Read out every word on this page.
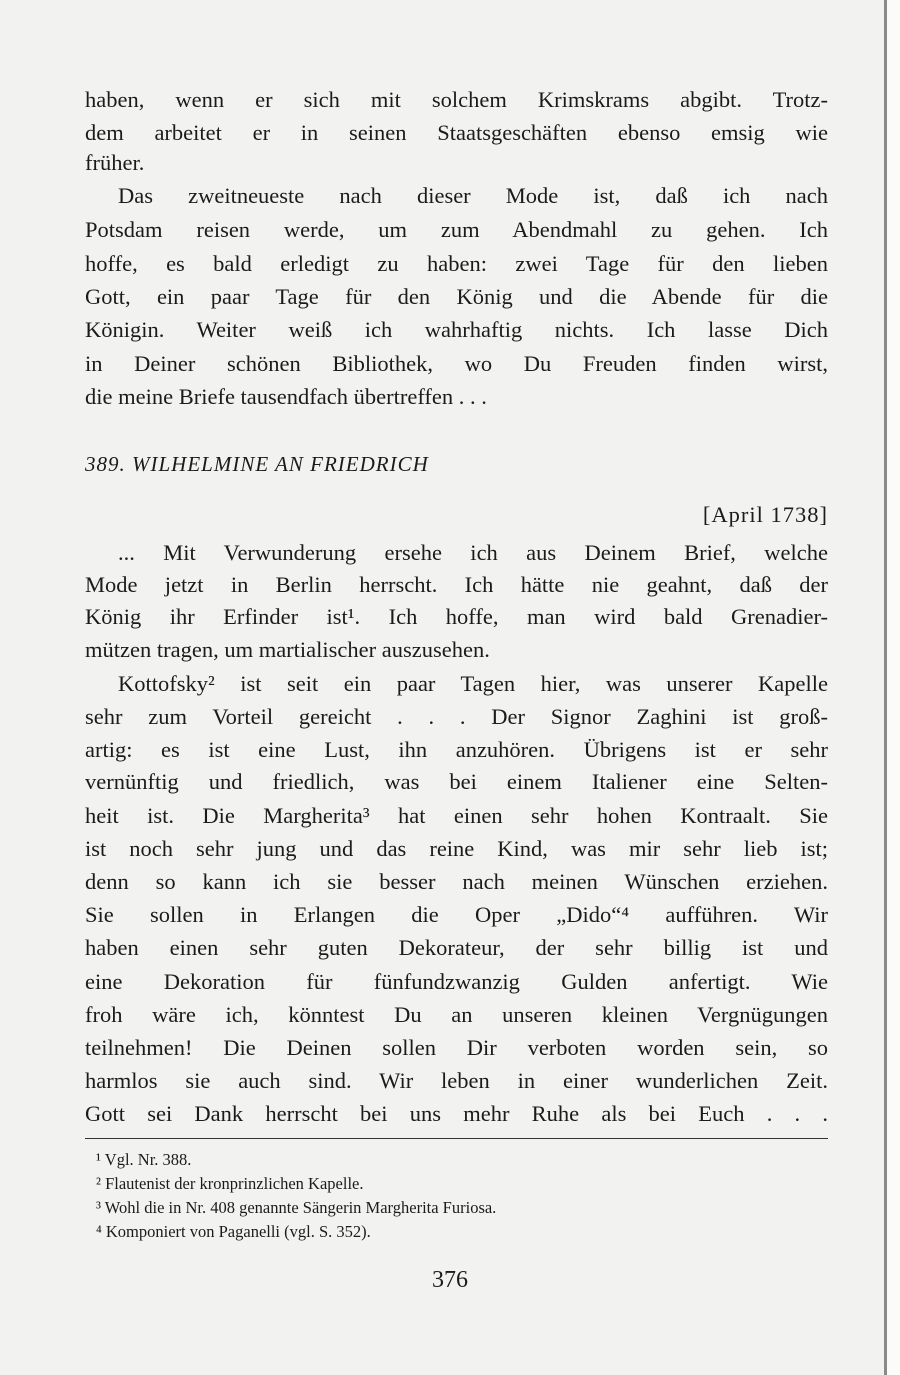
389. WILHELMINE AN FRIEDRICH
[April 1738]
376
haben, wenn er sich mit solchem Krimskrams abgibt. Trotz-
dem arbeitet er in seinen Staatsgeschäften ebenso emsig wie
früher.
Das zweitneueste nach dieser Mode ist, daß ich nach
Potsdam reisen werde, um zum Abendmahl zu gehen. Ich
hoffe, es bald erledigt zu haben: zwei Tage für den lieben
Gott, ein paar Tage für den König und die Abende für die
Königin. Weiter weiß ich wahrhaftig nichts. Ich lasse Dich
in Deiner schönen Bibliothek, wo Du Freuden finden wirst,
die meine Briefe tausendfach übertreffen . . .
... Mit Verwunderung ersehe ich aus Deinem Brief, welche
Mode jetzt in Berlin herrscht. Ich hätte nie geahnt, daß der
König ihr Erfinder ist¹. Ich hoffe, man wird bald Grenadier-
mützen tragen, um martialischer auszusehen.
Kottofsky² ist seit ein paar Tagen hier, was unserer Kapelle
sehr zum Vorteil gereicht . . . Der Signor Zaghini ist groß-
artig: es ist eine Lust, ihn anzuhören. Übrigens ist er sehr
vernünftig und friedlich, was bei einem Italiener eine Selten-
heit ist. Die Margherita³ hat einen sehr hohen Kontraalt. Sie
ist noch sehr jung und das reine Kind, was mir sehr lieb ist;
denn so kann ich sie besser nach meinen Wünschen erziehen.
Sie sollen in Erlangen die Oper „Dido“⁴ aufführen. Wir
haben einen sehr guten Dekorateur, der sehr billig ist und
eine Dekoration für fünfundzwanzig Gulden anfertigt. Wie
froh wäre ich, könntest Du an unseren kleinen Vergnügungen
teilnehmen! Die Deinen sollen Dir verboten worden sein, so
harmlos sie auch sind. Wir leben in einer wunderlichen Zeit.
Gott sei Dank herrscht bei uns mehr Ruhe als bei Euch . . .
¹ Vgl. Nr. 388.
² Flautenist der kronprinzlichen Kapelle.
³ Wohl die in Nr. 408 genannte Sängerin Margherita Furiosa.
⁴ Komponiert von Paganelli (vgl. S. 352).
